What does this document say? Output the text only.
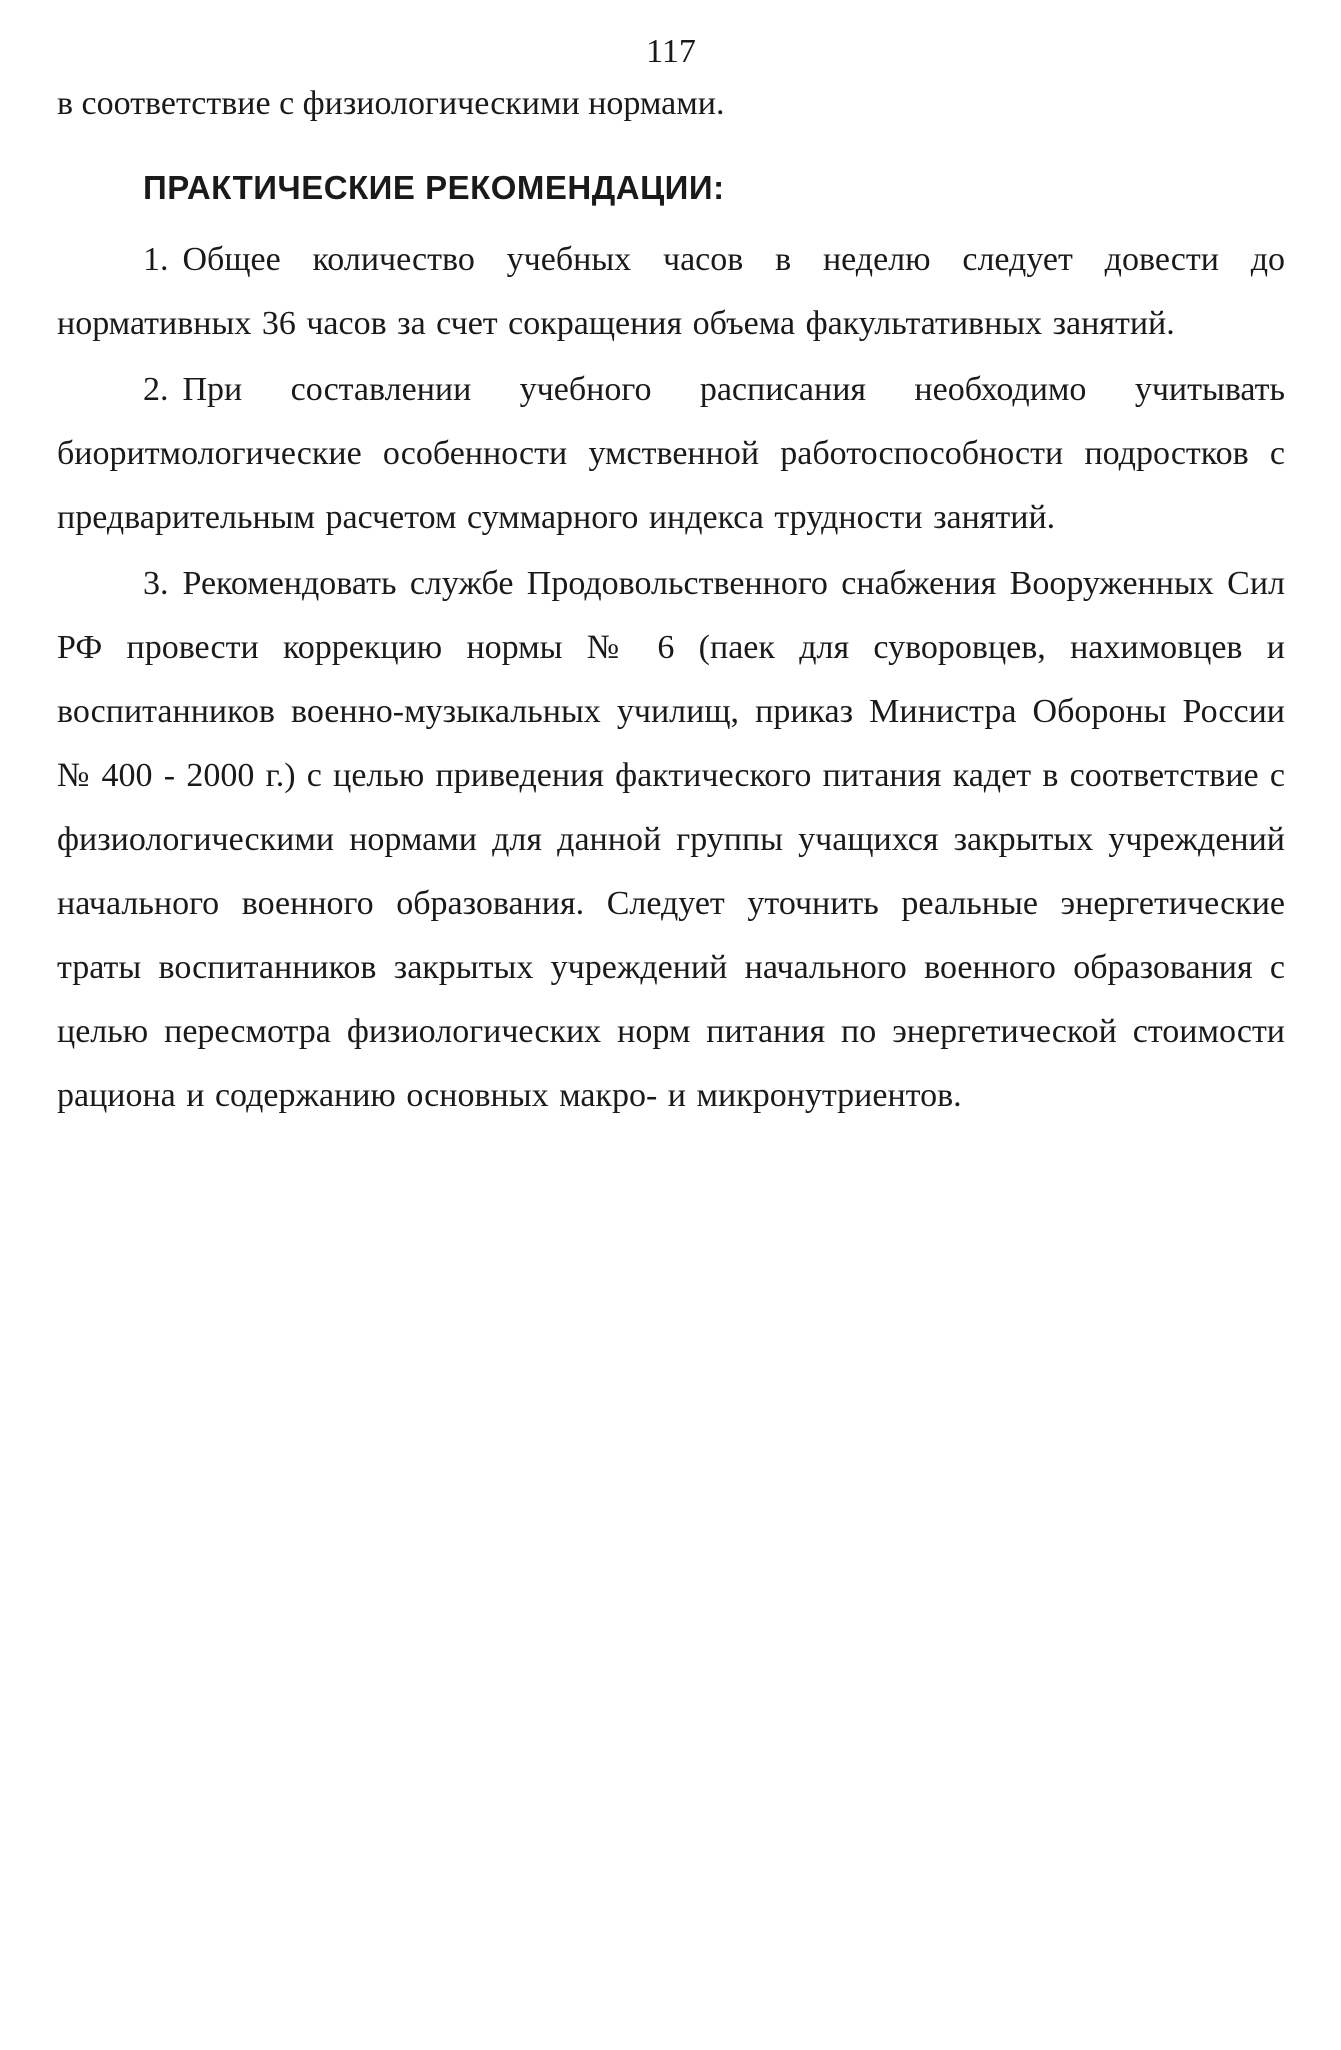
117

в соответствие с физиологическими нормами.

ПРАКТИЧЕСКИЕ РЕКОМЕНДАЦИИ:

1. Общее количество учебных часов в неделю следует довести до нормативных 36 часов за счет сокращения объема факультативных занятий.

2. При составлении учебного расписания необходимо учитывать биоритмологические особенности умственной работоспособности подростков с предварительным расчетом суммарного индекса трудности занятий.

3. Рекомендовать службе Продовольственного снабжения Вооруженных Сил РФ провести коррекцию нормы № 6 (паек для суворовцев, нахимовцев и воспитанников военно-музыкальных училищ, приказ Министра Обороны России № 400 - 2000 г.) с целью приведения фактического питания кадет в соответствие с физиологическими нормами для данной группы учащихся закрытых учреждений начального военного образования. Следует уточнить реальные энергетические траты воспитанников закрытых учреждений начального военного образования с целью пересмотра физиологических норм питания по энергетической стоимости рациона и содержанию основных макро- и микронутриентов.
